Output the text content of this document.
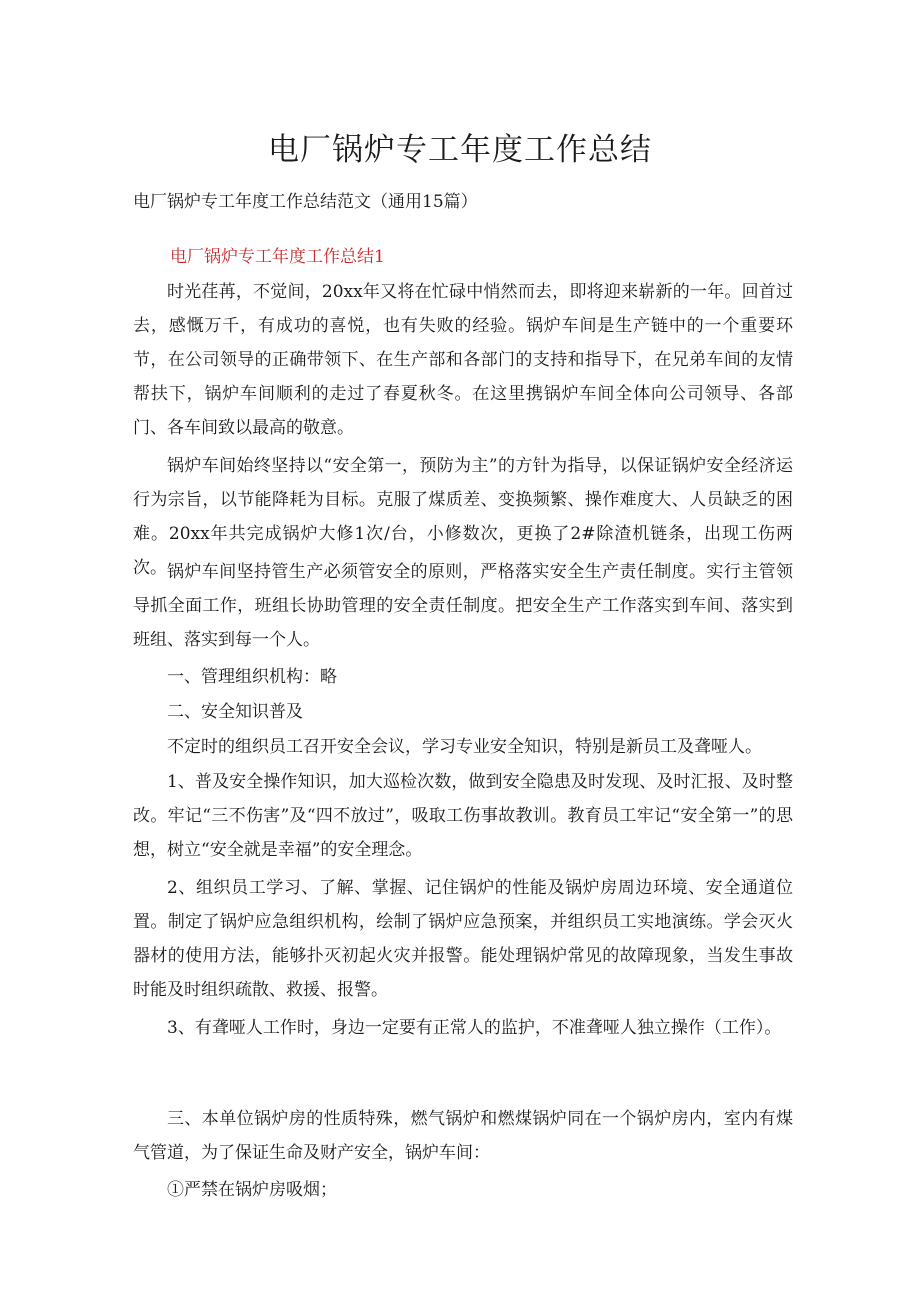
电厂锅炉专工年度工作总结

电厂锅炉专工年度工作总结范文（通用15篇）

电厂锅炉专工年度工作总结1

时光荏苒，不觉间，20xx年又将在忙碌中悄然而去，即将迎来崭新的一年。回首过去，感慨万千，有成功的喜悦，也有失败的经验。锅炉车间是生产链中的一个重要环节，在公司领导的正确带领下、在生产部和各部门的支持和指导下，在兄弟车间的友情帮扶下，锅炉车间顺利的走过了春夏秋冬。在这里携锅炉车间全体向公司领导、各部门、各车间致以最高的敬意。

锅炉车间始终坚持以“安全第一，预防为主”的方针为指导，以保证锅炉安全经济运行为宗旨，以节能降耗为目标。克服了煤质差、变换频繁、操作难度大、人员缺乏的困难。20xx年共完成锅炉大修1次/台，小修数次，更换了2#除渣机链条，出现工伤两次。 锅炉车间坚持管生产必须管安全的原则，严格落实安全生产责任制度。实行主管领导抓全面工作，班组长协助管理的安全责任制度。把安全生产工作落实到车间、落实到班组、落实到每一个人。

一、管理组织机构：略

二、安全知识普及

不定时的组织员工召开安全会议，学习专业安全知识，特别是新员工及聋哑人。

1、普及安全操作知识，加大巡检次数，做到安全隐患及时发现、及时汇报、及时整改。牢记“三不伤害”及“四不放过”，吸取工伤事故教训。教育员工牢记“安全第一”的思想，树立“安全就是幸福”的安全理念。

2、组织员工学习、了解、掌握、记住锅炉的性能及锅炉房周边环境、安全通道位置。制定了锅炉应急组织机构，绘制了锅炉应急预案，并组织员工实地演练。学会灭火器材的使用方法，能够扑灭初起火灾并报警。能处理锅炉常见的故障现象，当发生事故时能及时组织疏散、救援、报警。

3、有聋哑人工作时，身边一定要有正常人的监护，不准聋哑人独立操作（工作）。

三、本单位锅炉房的性质特殊，燃气锅炉和燃煤锅炉同在一个锅炉房内，室内有煤气管道，为了保证生命及财产安全，锅炉车间：

①严禁在锅炉房吸烟；
